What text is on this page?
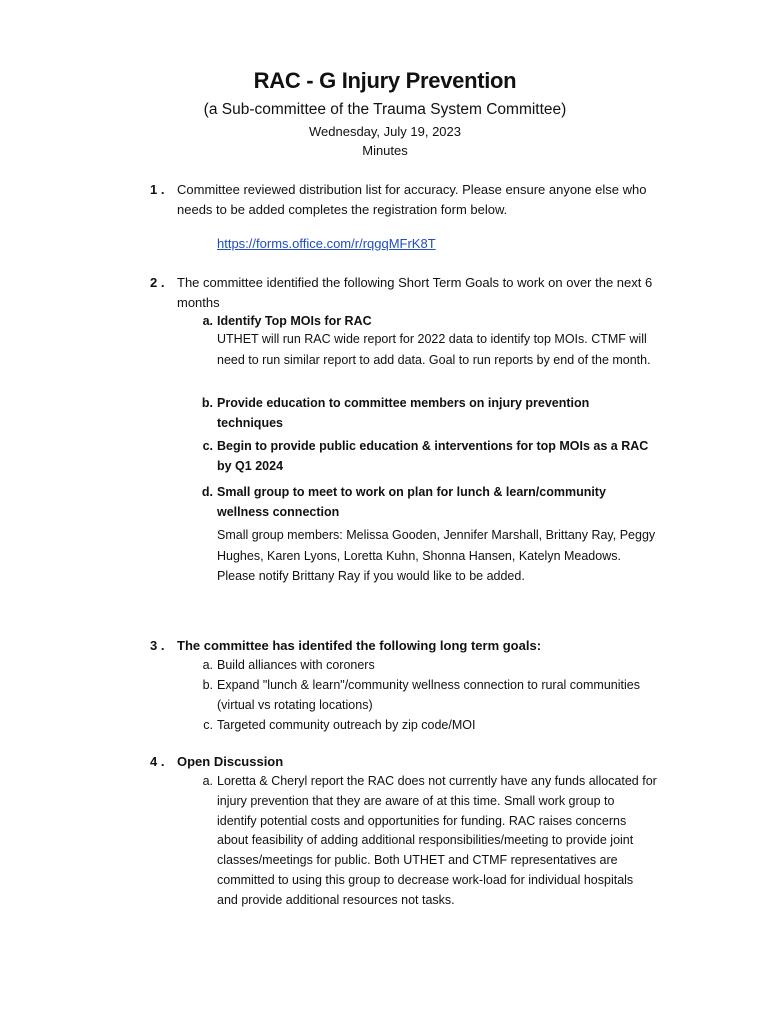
RAC - G Injury Prevention
(a Sub-committee of the Trauma System Committee)
Wednesday, July 19, 2023
Minutes
1 . Committee reviewed distribution list for accuracy. Please ensure anyone else who needs to be added completes the registration form below.
https://forms.office.com/r/rqgqMFrK8T
2 . The committee identified the following Short Term Goals to work on over the next 6 months
a. Identify Top MOIs for RAC
UTHET will run RAC wide report for 2022 data to identify top MOIs. CTMF will need to run similar report to add data. Goal to run reports by end of the month.
b. Provide education to committee members on injury prevention techniques
c. Begin to provide public education & interventions for top MOIs as a RAC by Q1 2024
d. Small group to meet to work on plan for lunch & learn/community wellness connection
Small group members: Melissa Gooden, Jennifer Marshall, Brittany Ray, Peggy Hughes, Karen Lyons, Loretta Kuhn, Shonna Hansen, Katelyn Meadows. Please notify Brittany Ray if you would like to be added.
3 . The committee has identifed the following long term goals:
a. Build alliances with coroners
b. Expand "lunch & learn"/community wellness connection to rural communities (virtual vs rotating locations)
c. Targeted community outreach by zip code/MOI
4 . Open Discussion
a. Loretta & Cheryl report the RAC does not currently have any funds allocated for injury prevention that they are aware of at this time. Small work group to identify potential costs and opportunities for funding. RAC raises concerns about feasibility of adding additional responsibilities/meeting to provide joint classes/meetings for public. Both UTHET and CTMF representatives are committed to using this group to decrease work-load for individual hospitals and provide additional resources not tasks.
